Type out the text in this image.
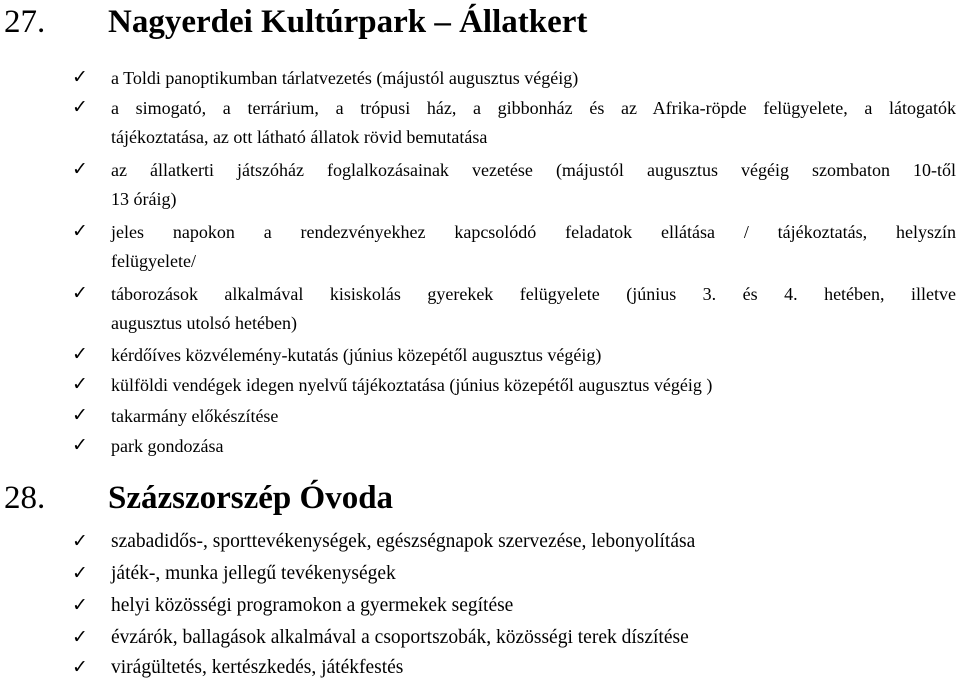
27. Nagyerdei Kultúrpark – Állatkert
✓	a Toldi panoptikumban tárlatvezetés (májustól augusztus végéig)
✓	a simogató, a terrárium, a trópusi ház, a gibbonház és az Afrika-röpde felügyelete, a látogatók
tájékoztatása, az ott látható állatok rövid bemutatása
✓	az állatkerti játszóház foglalkozásainak vezetése (májustól augusztus végéig szombaton 10-től
13 óráig)
✓	jeles napokon a rendezvényekhez kapcsolódó feladatok ellátása / tájékoztatás, helyszín
felügyelete/
✓	táborozások alkalmával kisiskolás gyerekek felügyelete (június 3. és 4. hetében, illetve
augusztus utolsó hetében)
✓	kérdőíves közvélemény-kutatás (június közepétől augusztus végéig)
✓	külföldi vendégek idegen nyelvű tájékoztatása (június közepétől augusztus végéig )
✓	takarmány előkészítése
✓	park gondozása
28. Százszorszép Óvoda
✓	szabadidős-, sporttevékenységek, egészségnapok szervezése, lebonyolítása
✓	játék-, munka jellegű tevékenységek
✓	helyi közösségi programokon a gyermekek segítése
✓	évzárók, ballagások alkalmával a csoportszobák, közösségi terek díszítése
✓	virágültetés, kertészkedés, játékfestés
